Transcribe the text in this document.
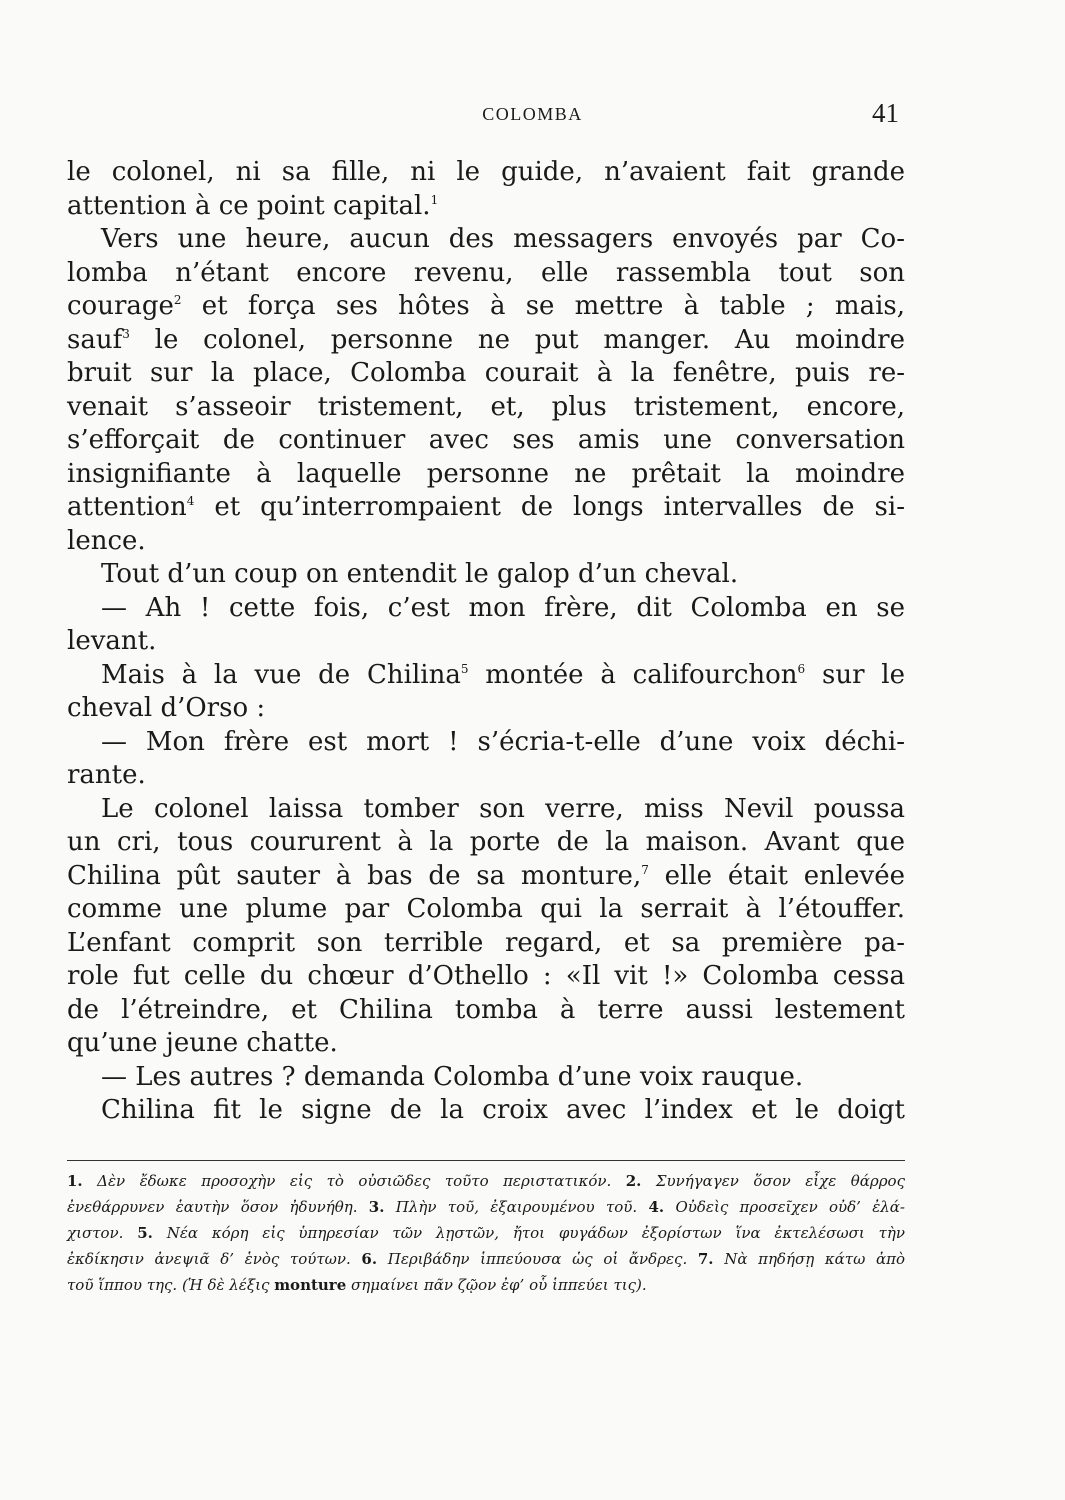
COLOMBA	41
le colonel, ni sa fille, ni le guide, n’avaient fait grande
attention à ce point capital.$^1$
Vers une heure, aucun des messagers envoyés par Co-
lomba n’étant encore revenu, elle rassembla tout son
courage$^2$ et força ses hôtes à se mettre à table ; mais,
sauf$^3$ le colonel, personne ne put manger. Au moindre
bruit sur la place, Colomba courait à la fenêtre, puis re-
venait s’asseoir tristement, et, plus tristement, encore,
s’efforçait de continuer avec ses amis une conversation
insignifiante à laquelle personne ne prêtait la moindre
attention$^4$ et qu’interrompaient de longs intervalles de si-
lence.
Tout d’un coup on entendit le galop d’un cheval.
— Ah ! cette fois, c’est mon frère, dit Colomba en se
levant.
Mais à la vue de Chilina$^5$ montée à califourchon$^6$ sur le
cheval d’Orso :
— Mon frère est mort ! s’écria-t-elle d’une voix déchi-
rante.
Le colonel laissa tomber son verre, miss Nevil poussa
un cri, tous coururent à la porte de la maison. Avant que
Chilina pût sauter à bas de sa monture,$^7$ elle était enlevée
comme une plume par Colomba qui la serrait à l’étouffer.
L’enfant comprit son terrible regard, et sa première pa-
role fut celle du chœur d’Othello : «Il vit !» Colomba cessa
de l’étreindre, et Chilina tomba à terre aussi lestement
qu’une jeune chatte.
— Les autres ? demanda Colomba d’une voix rauque.
Chilina fit le signe de la croix avec l’index et le doigt
1. Δὲν ἔδωκε προσοχὴν εἰς τὸ οὐσιῶδες τοῦτο περιστατικόν. 2. Συνήγαγεν ὅσον εἶχε θάρρος
ἐνεθάρρυνεν ἑαυτὴν ὅσον ἠδυνήθη. 3. Πλὴν τοῦ, ἐξαιρουμένου τοῦ. 4. Οὐδεὶς προσεῖχεν οὐδ’ ἐλά-
χιστον. 5. Νέα κόρη εἰς ὑπηρεσίαν τῶν λῃστῶν, ἤτοι φυγάδων ἐξορίστων ἵνα ἐκτελέσωσι τὴν
ἐκδίκησιν ἀνεψιᾶ δ’ ἑνὸς τούτων. 6. Περιβάδην ἱππεύουσα ὡς οἱ ἄνδρες. 7. Νὰ πηδήσῃ κάτω ἀπὸ
τοῦ ἵππου της. (Ἡ δὲ λέξις monture σημαίνει πᾶν ζῷον ἐφ’ οὗ ἱππεύει τις).
